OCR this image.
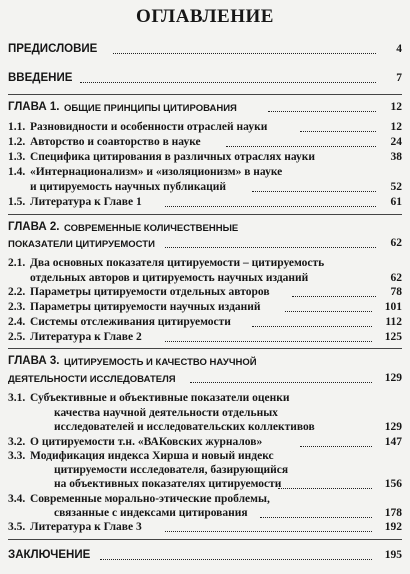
ОГЛАВЛЕНИЕ
ПРЕДИСЛОВИЕ	4
ВВЕДЕНИЕ	7
ГЛАВА 1. ОБЩИЕ ПРИНЦИПЫ ЦИТИРОВАНИЯ	12
1.1. Разновидности и особенности отраслей науки	12
1.2. Авторство и соавторство в науке	24
1.3. Специфика цитирования в различных отраслях науки	38
1.4. «Интернационализм» и «изоляционизм» в науке
и цитируемость научных публикаций	52
1.5. Литература к Главе 1	61
ГЛАВА 2. СОВРЕМЕННЫЕ КОЛИЧЕСТВЕННЫЕ
ПОКАЗАТЕЛИ ЦИТИРУЕМОСТИ	62
2.1. Два основных показателя цитируемости – цитируемость
отдельных авторов и цитируемость научных изданий	62
2.2. Параметры цитируемости отдельных авторов	78
2.3. Параметры цитируемости научных изданий	101
2.4. Системы отслеживания цитируемости	112
2.5. Литература к Главе 2	125
ГЛАВА 3. ЦИТИРУЕМОСТЬ И КАЧЕСТВО НАУЧНОЙ
ДЕЯТЕЛЬНОСТИ ИССЛЕДОВАТЕЛЯ	129
3.1. Субъективные и объективные показатели оценки
качества научной деятельности отдельных
исследователей и исследовательских коллективов	129
3.2. О цитируемости т.н. «ВАКовских журналов»	147
3.3. Модификация индекса Хирша и новый индекс
цитируемости исследователя, базирующийся
на объективных показателях цитируемости	156
3.4. Современные морально-этические проблемы,
связанные с индексами цитирования	178
3.5. Литература к Главе 3	192
ЗАКЛЮЧЕНИЕ	195
